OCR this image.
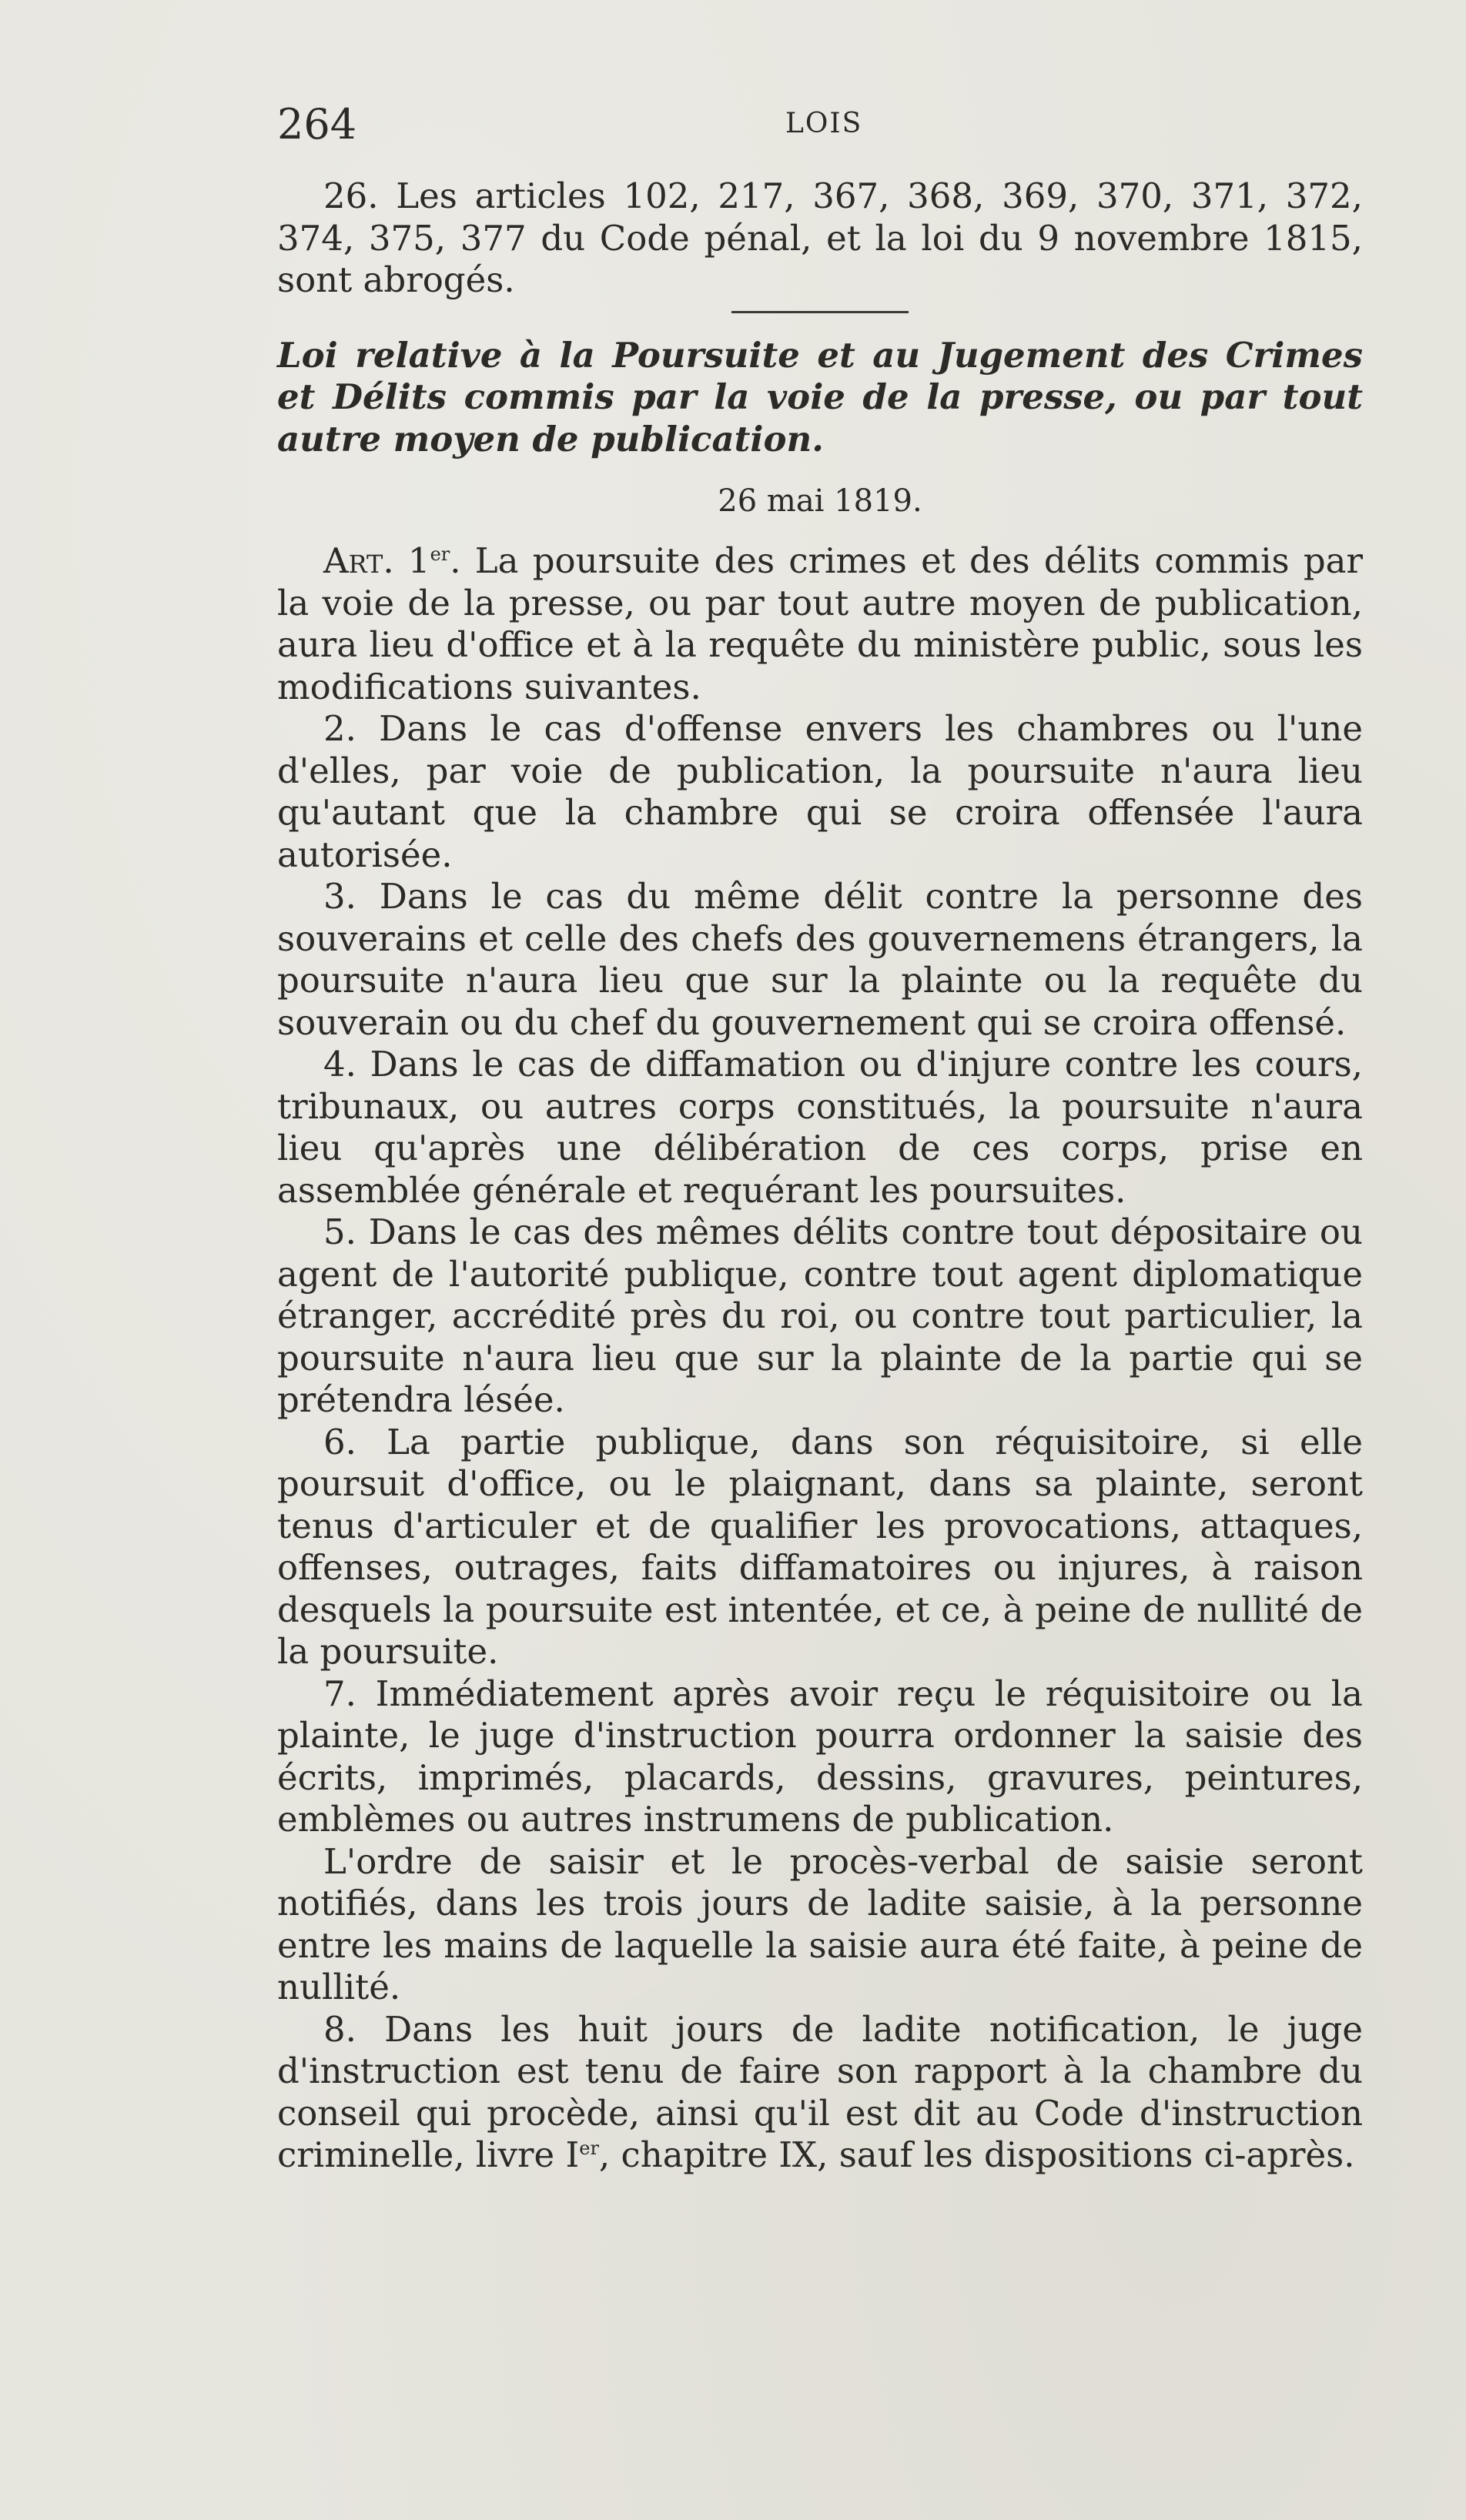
264	LOIS

26. Les articles 102, 217, 367, 368, 369, 370, 371, 372, 374, 375, 377 du Code pénal, et la loi du 9 novembre 1815, sont abrogés.

Loi relative à la Poursuite et au Jugement des Crimes et Délits commis par la voie de la presse, ou par tout autre moyen de publication.

26 mai 1819.

Art. 1er. La poursuite des crimes et des délits commis par la voie de la presse, ou par tout autre moyen de publication, aura lieu d'office et à la requête du ministère public, sous les modifications suivantes.

2. Dans le cas d'offense envers les chambres ou l'une d'elles, par voie de publication, la poursuite n'aura lieu qu'autant que la chambre qui se croira offensée l'aura autorisée.

3. Dans le cas du même délit contre la personne des souverains et celle des chefs des gouvernemens étrangers, la poursuite n'aura lieu que sur la plainte ou la requête du souverain ou du chef du gouvernement qui se croira offensé.

4. Dans le cas de diffamation ou d'injure contre les cours, tribunaux, ou autres corps constitués, la poursuite n'aura lieu qu'après une délibération de ces corps, prise en assemblée générale et requérant les poursuites.

5. Dans le cas des mêmes délits contre tout dépositaire ou agent de l'autorité publique, contre tout agent diplomatique étranger, accrédité près du roi, ou contre tout particulier, la poursuite n'aura lieu que sur la plainte de la partie qui se prétendra lésée.

6. La partie publique, dans son réquisitoire, si elle poursuit d'office, ou le plaignant, dans sa plainte, seront tenus d'articuler et de qualifier les provocations, attaques, offenses, outrages, faits diffamatoires ou injures, à raison desquels la poursuite est intentée, et ce, à peine de nullité de la poursuite.

7. Immédiatement après avoir reçu le réquisitoire ou la plainte, le juge d'instruction pourra ordonner la saisie des écrits, imprimés, placards, dessins, gravures, peintures, emblèmes ou autres instrumens de publication.

L'ordre de saisir et le procès-verbal de saisie seront notifiés, dans les trois jours de ladite saisie, à la personne entre les mains de laquelle la saisie aura été faite, à peine de nullité.

8. Dans les huit jours de ladite notification, le juge d'instruction est tenu de faire son rapport à la chambre du conseil qui procède, ainsi qu'il est dit au Code d'instruction criminelle, livre Ier, chapitre IX, sauf les dispositions ci-après.
